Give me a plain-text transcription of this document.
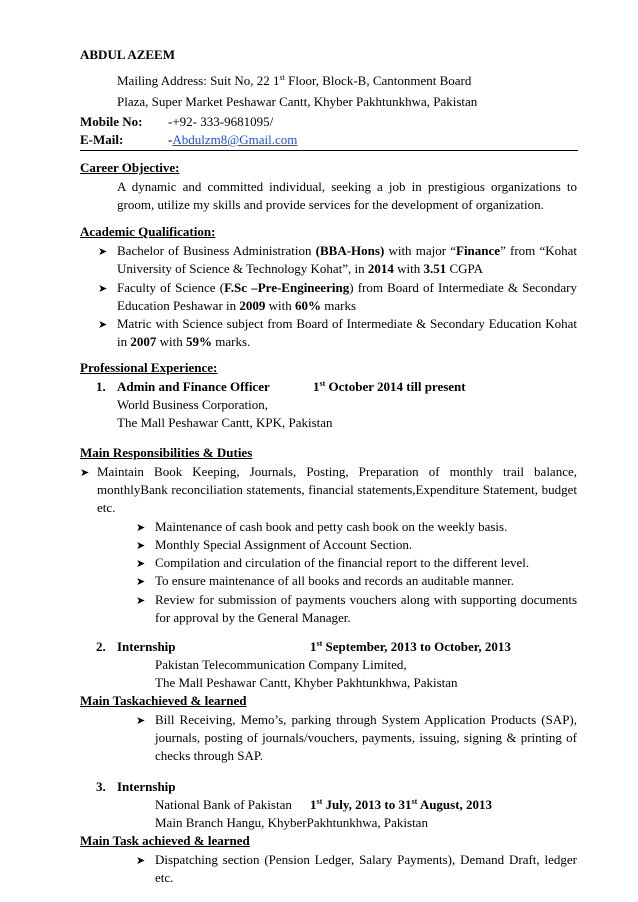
ABDUL AZEEM
Mailing Address: Suit No, 22 1st Floor, Block-B, Cantonment Board
Plaza, Super Market Peshawar Cantt, Khyber Pakhtunkhwa, Pakistan
Mobile No: -+92- 333-9681095/
E-Mail:	-Abdulzm8@Gmail.com
Career Objective:
A dynamic and committed individual, seeking a job in prestigious organizations to
groom, utilize my skills and provide services for the development of organization.
Academic Qualification:
➤ Bachelor of Business Administration (BBA-Hons) with major “Finance” from “Kohat
University of Science & Technology Kohat”, in 2014 with 3.51 CGPA
➤ Faculty of Science (F.Sc –Pre-Engineering) from Board of Intermediate & Secondary
Education Peshawar in 2009 with 60% marks
➤ Matric with Science subject from Board of Intermediate & Secondary Education Kohat
in 2007 with 59% marks.
Professional Experience:
1. Admin and Finance Officer	1st October 2014 till present
World Business Corporation,
The Mall Peshawar Cantt, KPK, Pakistan
Main Responsibilities & Duties
➤ Maintain Book Keeping, Journals, Posting, Preparation of monthly trail balance,
monthlyBank reconciliation statements, financial statements,Expenditure Statement, budget
etc.
➤ Maintenance of cash book and petty cash book on the weekly basis.
➤ Monthly Special Assignment of Account Section.
➤ Compilation and circulation of the financial report to the different level.
➤ To ensure maintenance of all books and records an auditable manner.
➤ Review for submission of payments vouchers along with supporting documents
for approval by the General Manager.
2. Internship	1st September, 2013 to October, 2013
Pakistan Telecommunication Company Limited,
The Mall Peshawar Cantt, Khyber Pakhtunkhwa, Pakistan
Main Taskachieved & learned
➤ Bill Receiving, Memo’s, parking through System Application Products (SAP),
journals, posting of journals/vouchers, payments, issuing, signing & printing of
checks through SAP.
3. Internship
National Bank of Pakistan 1st July, 2013 to 31st August, 2013
Main Branch Hangu, KhyberPakhtunkhwa, Pakistan
Main Task achieved & learned
➤ Dispatching section (Pension Ledger, Salary Payments), Demand Draft, ledger
etc.
